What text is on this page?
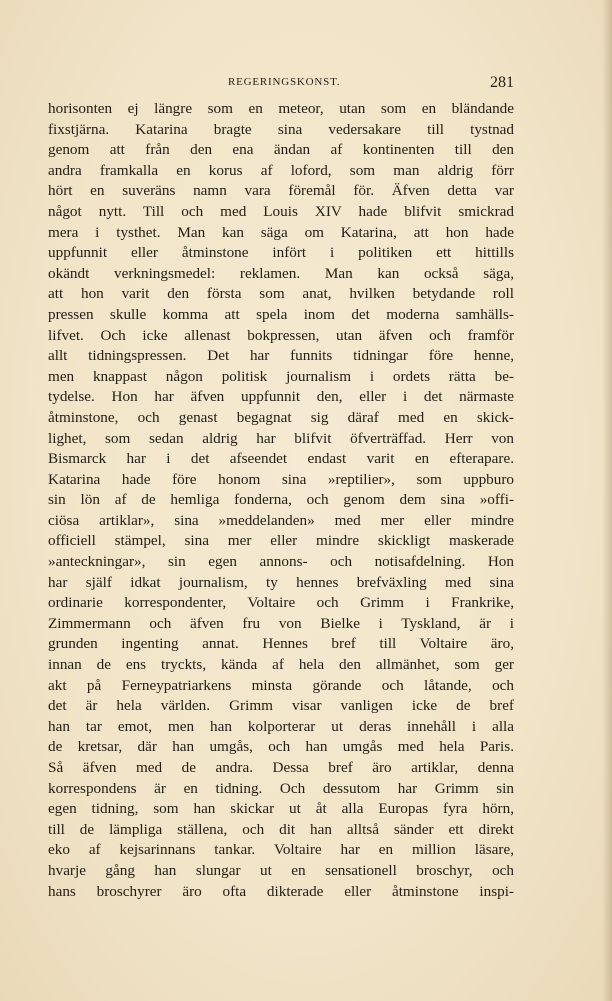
REGERINGSKONST.	281
horisonten ej längre som en meteor, utan som en bländande
fixstjärna. Katarina bragte sina vedersakare till tystnad
genom att från den ena ändan af kontinenten till den
andra framkalla en korus af loford, som man aldrig förr
hört en suveräns namn vara föremål för. Äfven detta var
något nytt. Till och med Louis XIV hade blifvit smickrad
mera i tysthet. Man kan säga om Katarina, att hon hade
uppfunnit eller åtminstone infört i politiken ett hittills
okändt verkningsmedel: reklamen. Man kan också säga,
att hon varit den första som anat, hvilken betydande roll
pressen skulle komma att spela inom det moderna samhälls-
lifvet. Och icke allenast bokpressen, utan äfven och framför
allt tidningspressen. Det har funnits tidningar före henne,
men knappast någon politisk journalism i ordets rätta be-
tydelse. Hon har äfven uppfunnit den, eller i det närmaste
åtminstone, och genast begagnat sig däraf med en skick-
lighet, som sedan aldrig har blifvit öfverträffad. Herr von
Bismarck har i det afseendet endast varit en efterapare.
Katarina hade före honom sina »reptilier», som uppburo
sin lön af de hemliga fonderna, och genom dem sina »offi-
ciösa artiklar», sina »meddelanden» med mer eller mindre
officiell stämpel, sina mer eller mindre skickligt maskerade
»anteckningar», sin egen annons- och notisafdelning. Hon
har själf idkat journalism, ty hennes brefväxling med sina
ordinarie korrespondenter, Voltaire och Grimm i Frankrike,
Zimmermann och äfven fru von Bielke i Tyskland, är i
grunden ingenting annat. Hennes bref till Voltaire äro,
innan de ens tryckts, kända af hela den allmänhet, som ger
akt på Ferneypatriarkens minsta görande och låtande, och
det är hela världen. Grimm visar vanligen icke de bref
han tar emot, men han kolporterar ut deras innehåll i alla
de kretsar, där han umgås, och han umgås med hela Paris.
Så äfven med de andra. Dessa bref äro artiklar, denna
korrespondens är en tidning. Och dessutom har Grimm sin
egen tidning, som han skickar ut åt alla Europas fyra hörn,
till de lämpliga ställena, och dit han alltså sänder ett direkt
eko af kejsarinnans tankar. Voltaire har en million läsare,
hvarje gång han slungar ut en sensationell broschyr, och
hans broschyrer äro ofta dikterade eller åtminstone inspi-
